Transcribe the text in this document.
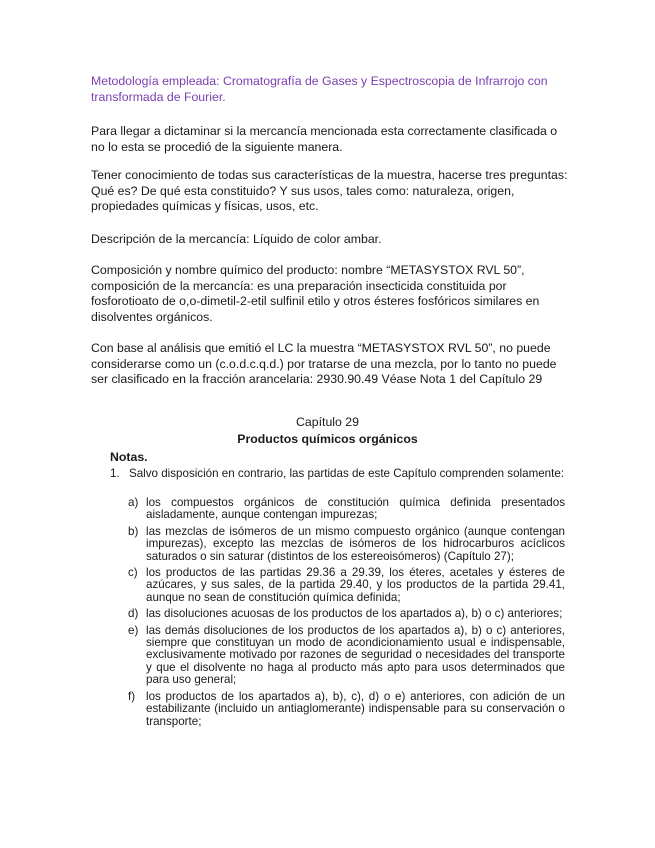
Metodología empleada: Cromatografía de Gases y Espectroscopia de Infrarrojo con transformada de Fourier.

Para llegar a dictaminar si la mercancía mencionada esta correctamente clasificada o no lo esta se procedió de la siguiente manera.

Tener conocimiento de todas sus características de la muestra, hacerse tres preguntas: Qué es? De qué esta constituido? Y sus usos, tales como: naturaleza, origen, propiedades químicas y físicas, usos, etc.

Descripción de la mercancía: Líquido de color ambar.

Composición y nombre químico del producto: nombre “METASYSTOX RVL 50”, composición de la mercancía: es una preparación insecticida constituida por fosforotioato de o,o-dimetil-2-etil sulfinil etilo y otros ésteres fosfóricos similares en disolventes orgánicos.

Con base al análisis que emitió el LC la muestra “METASYSTOX RVL 50”, no puede considerarse como un (c.o.d.c.q.d.) por tratarse de una mezcla, por lo tanto no puede ser clasificado en la fracción arancelaria: 2930.90.49 Véase Nota 1 del Capítulo 29

Capítulo 29

Productos químicos orgánicos

Notas.

1. Salvo disposición en contrario, las partidas de este Capítulo comprenden solamente:
a) los compuestos orgánicos de constitución química definida presentados aisladamente, aunque contengan impurezas;
b) las mezclas de isómeros de un mismo compuesto orgánico (aunque contengan impurezas), excepto las mezclas de isómeros de los hidrocarburos acíclicos saturados o sin saturar (distintos de los estereoisómeros) (Capítulo 27);
c) los productos de las partidas 29.36 a 29.39, los éteres, acetales y ésteres de azúcares, y sus sales, de la partida 29.40, y los productos de la partida 29.41, aunque no sean de constitución química definida;
d) las disoluciones acuosas de los productos de los apartados a), b) o c) anteriores;
e) las demás disoluciones de los productos de los apartados a), b) o c) anteriores, siempre que constituyan un modo de acondicionamiento usual e indispensable, exclusivamente motivado por razones de seguridad o necesidades del transporte y que el disolvente no haga al producto más apto para usos determinados que para uso general;
f) los productos de los apartados a), b), c), d) o e) anteriores, con adición de un estabilizante (incluido un antiaglomerante) indispensable para su conservación o transporte;
